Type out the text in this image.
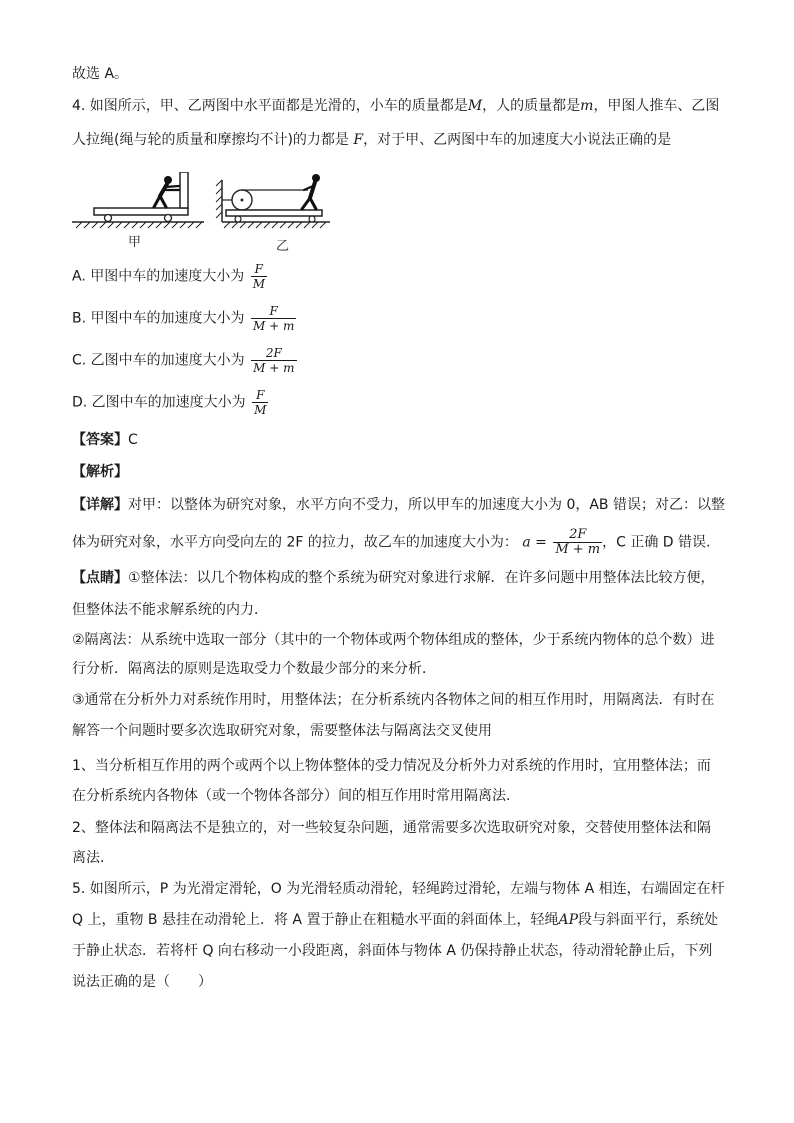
故选 A。
4. 如图所示，甲、乙两图中水平面都是光滑的，小车的质量都是M，人的质量都是m，甲图人推车、乙图
人拉绳(绳与轮的质量和摩擦均不计)的力都是 F，对于甲、乙两图中车的加速度大小说法正确的是
甲	乙
A. 甲图中车的加速度大小为 $\frac{F}{M}$
B. 甲图中车的加速度大小为 $\frac{F}{M + m}$
C. 乙图中车的加速度大小为 $\frac{2F}{M + m}$
D. 乙图中车的加速度大小为 $\frac{F}{M}$
【答案】C
【解析】
【详解】对甲：以整体为研究对象，水平方向不受力，所以甲车的加速度大小为 0，AB 错误；对乙：以整
体为研究对象，水平方向受向左的 2F 的拉力，故乙车的加速度大小为： $a = \frac{2F}{M + m}$ ，C 正确 D 错误.
【点睛】①整体法：以几个物体构成的整个系统为研究对象进行求解．在许多问题中用整体法比较方便，
但整体法不能求解系统的内力．
②隔离法：从系统中选取一部分（其中的一个物体或两个物体组成的整体，少于系统内物体的总个数）进
行分析．隔离法的原则是选取受力个数最少部分的来分析．
③通常在分析外力对系统作用时，用整体法；在分析系统内各物体之间的相互作用时，用隔离法．有时在
解答一个问题时要多次选取研究对象，需要整体法与隔离法交叉使用
1、当分析相互作用的两个或两个以上物体整体的受力情况及分析外力对系统的作用时，宜用整体法；而
在分析系统内各物体（或一个物体各部分）间的相互作用时常用隔离法．
2、整体法和隔离法不是独立的，对一些较复杂问题，通常需要多次选取研究对象，交替使用整体法和隔
离法．
5. 如图所示，P 为光滑定滑轮，O 为光滑轻质动滑轮，轻绳跨过滑轮，左端与物体 A 相连，右端固定在杆
Q 上，重物 B 悬挂在动滑轮上．将 A 置于静止在粗糙水平面的斜面体上，轻绳AP段与斜面平行，系统处
于静止状态．若将杆 Q 向右移动一小段距离，斜面体与物体 A 仍保持静止状态，待动滑轮静止后，下列
说法正确的是（　　）
